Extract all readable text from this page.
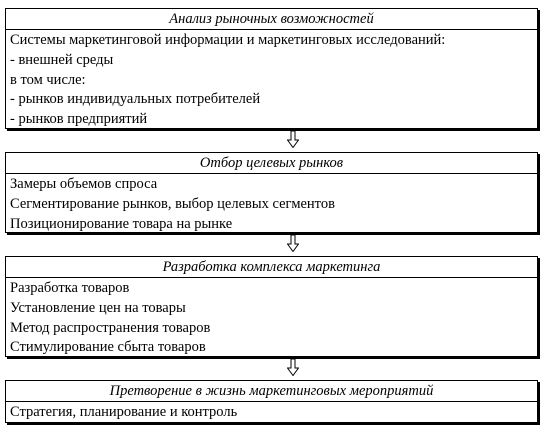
Анализ рыночных возможностей
Системы маркетинговой информации и маркетинговых исследований:
- внешней среды
в том числе:
- рынков индивидуальных потребителей
- рынков предприятий
Отбор целевых рынков
Замеры объемов спроса
Сегментирование рынков, выбор целевых сегментов
Позиционирование товара на рынке
Разработка комплекса маркетинга
Разработка товаров
Установление цен на товары
Метод распространения товаров
Стимулирование сбыта товаров
Претворение в жизнь маркетинговых мероприятий
Стратегия, планирование и контроль
